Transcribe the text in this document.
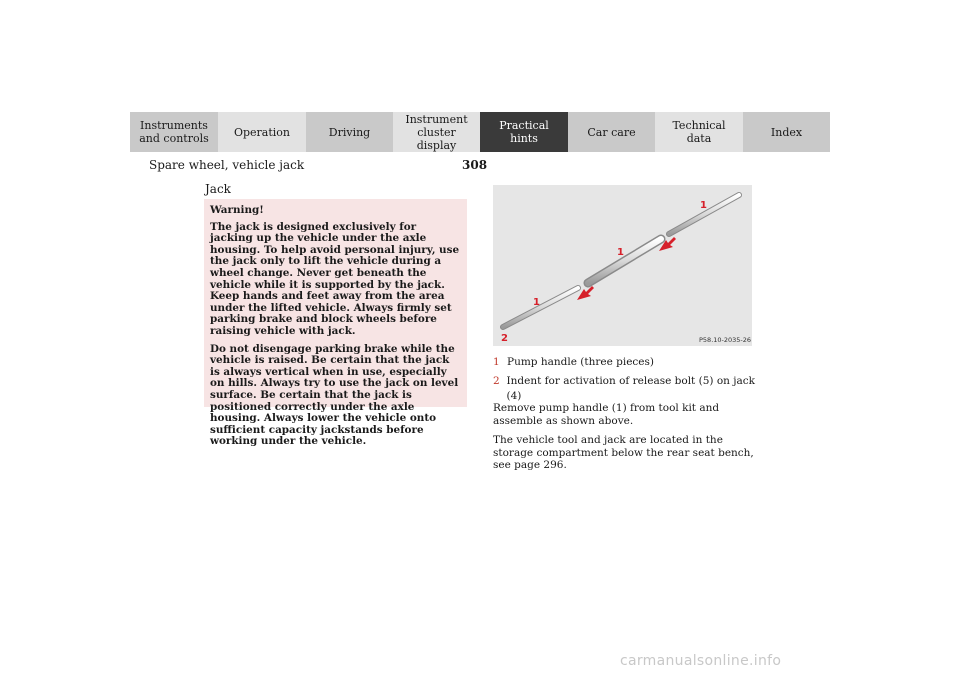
Instruments
and controls Operation	Driving
Instrument
cluster display
Practical hints	Car care	Technical
data	Index
Spare wheel, vehicle jack	308
Jack

Warning!

The jack is designed exclusively for jacking up the vehicle under the axle housing. To help avoid personal injury, use the jack only to lift the vehicle during a wheel change. Never get beneath the vehicle while it is supported by the jack. Keep hands and feet away from the area under the lifted vehicle. Always firmly set parking brake and block wheels before raising vehicle with jack.

Do not disengage parking brake while the vehicle is raised. Be certain that the jack is always vertical when in use, especially on hills. Always try to use the jack on level surface. Be certain that the jack is positioned correctly under the axle housing. Always lower the vehicle onto sufficient capacity jackstands before working under the vehicle.

1
1
1
2	P58.10-2035-26
1 Pump handle (three pieces)
2 Indent for activation of release bolt (5) on jack (4)

Remove pump handle (1) from tool kit and assemble as shown above.

The vehicle tool and jack are located in the storage compartment below the rear seat bench, see page 296.

carmanualsonline.info
